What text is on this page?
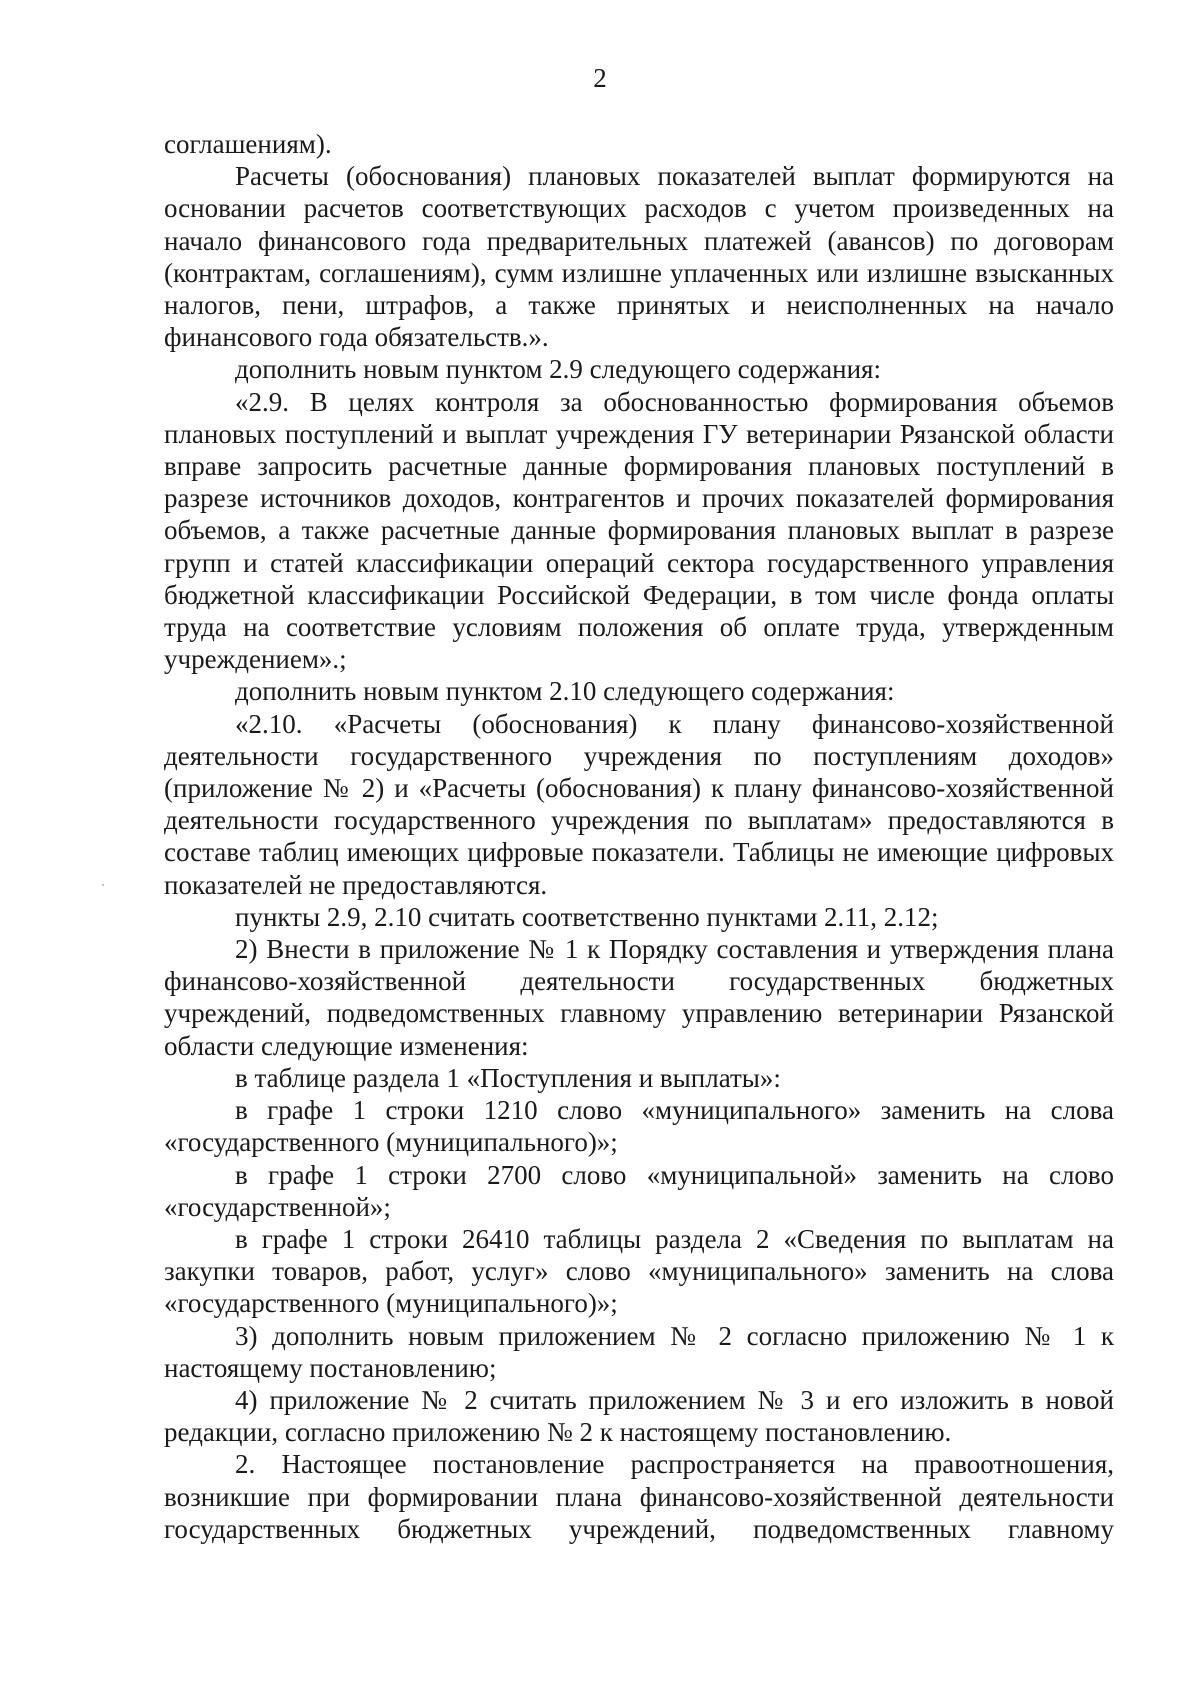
2

соглашениям).

Расчеты (обоснования) плановых показателей выплат формируются на основании расчетов соответствующих расходов с учетом произведенных на начало финансового года предварительных платежей (авансов) по договорам (контрактам, соглашениям), сумм излишне уплаченных или излишне взысканных налогов, пени, штрафов, а также принятых и неисполненных на начало финансового года обязательств.».

дополнить новым пунктом 2.9 следующего содержания:

«2.9. В целях контроля за обоснованностью формирования объемов плановых поступлений и выплат учреждения ГУ ветеринарии Рязанской области вправе запросить расчетные данные формирования плановых поступлений в разрезе источников доходов, контрагентов и прочих показателей формирования объемов, а также расчетные данные формирования плановых выплат в разрезе групп и статей классификации операций сектора государственного управления бюджетной классификации Российской Федерации, в том числе фонда оплаты труда на соответствие условиям положения об оплате труда, утвержденным учреждением».;

дополнить новым пунктом 2.10 следующего содержания:

«2.10. «Расчеты (обоснования) к плану финансово-хозяйственной деятельности государственного учреждения по поступлениям доходов» (приложение № 2) и «Расчеты (обоснования) к плану финансово-хозяйственной деятельности государственного учреждения по выплатам» предоставляются в составе таблиц имеющих цифровые показатели. Таблицы не имеющие цифровых показателей не предоставляются.

пункты 2.9, 2.10 считать соответственно пунктами 2.11, 2.12;

2) Внести в приложение № 1 к Порядку составления и утверждения плана финансово-хозяйственной деятельности государственных бюджетных учреждений, подведомственных главному управлению ветеринарии Рязанской области следующие изменения:

в таблице раздела 1 «Поступления и выплаты»:

в графе 1 строки 1210 слово «муниципального» заменить на слова «государственного (муниципального)»;

в графе 1 строки 2700 слово «муниципальной» заменить на слово «государственной»;

в графе 1 строки 26410 таблицы раздела 2 «Сведения по выплатам на закупки товаров, работ, услуг» слово «муниципального» заменить на слова «государственного (муниципального)»;

3) дополнить новым приложением № 2 согласно приложению № 1 к настоящему постановлению;

4) приложение № 2 считать приложением № 3 и его изложить в новой редакции, согласно приложению № 2 к настоящему постановлению.

2. Настоящее постановление распространяется на правоотношения, возникшие при формировании плана финансово-хозяйственной деятельности государственных бюджетных учреждений, подведомственных главному
